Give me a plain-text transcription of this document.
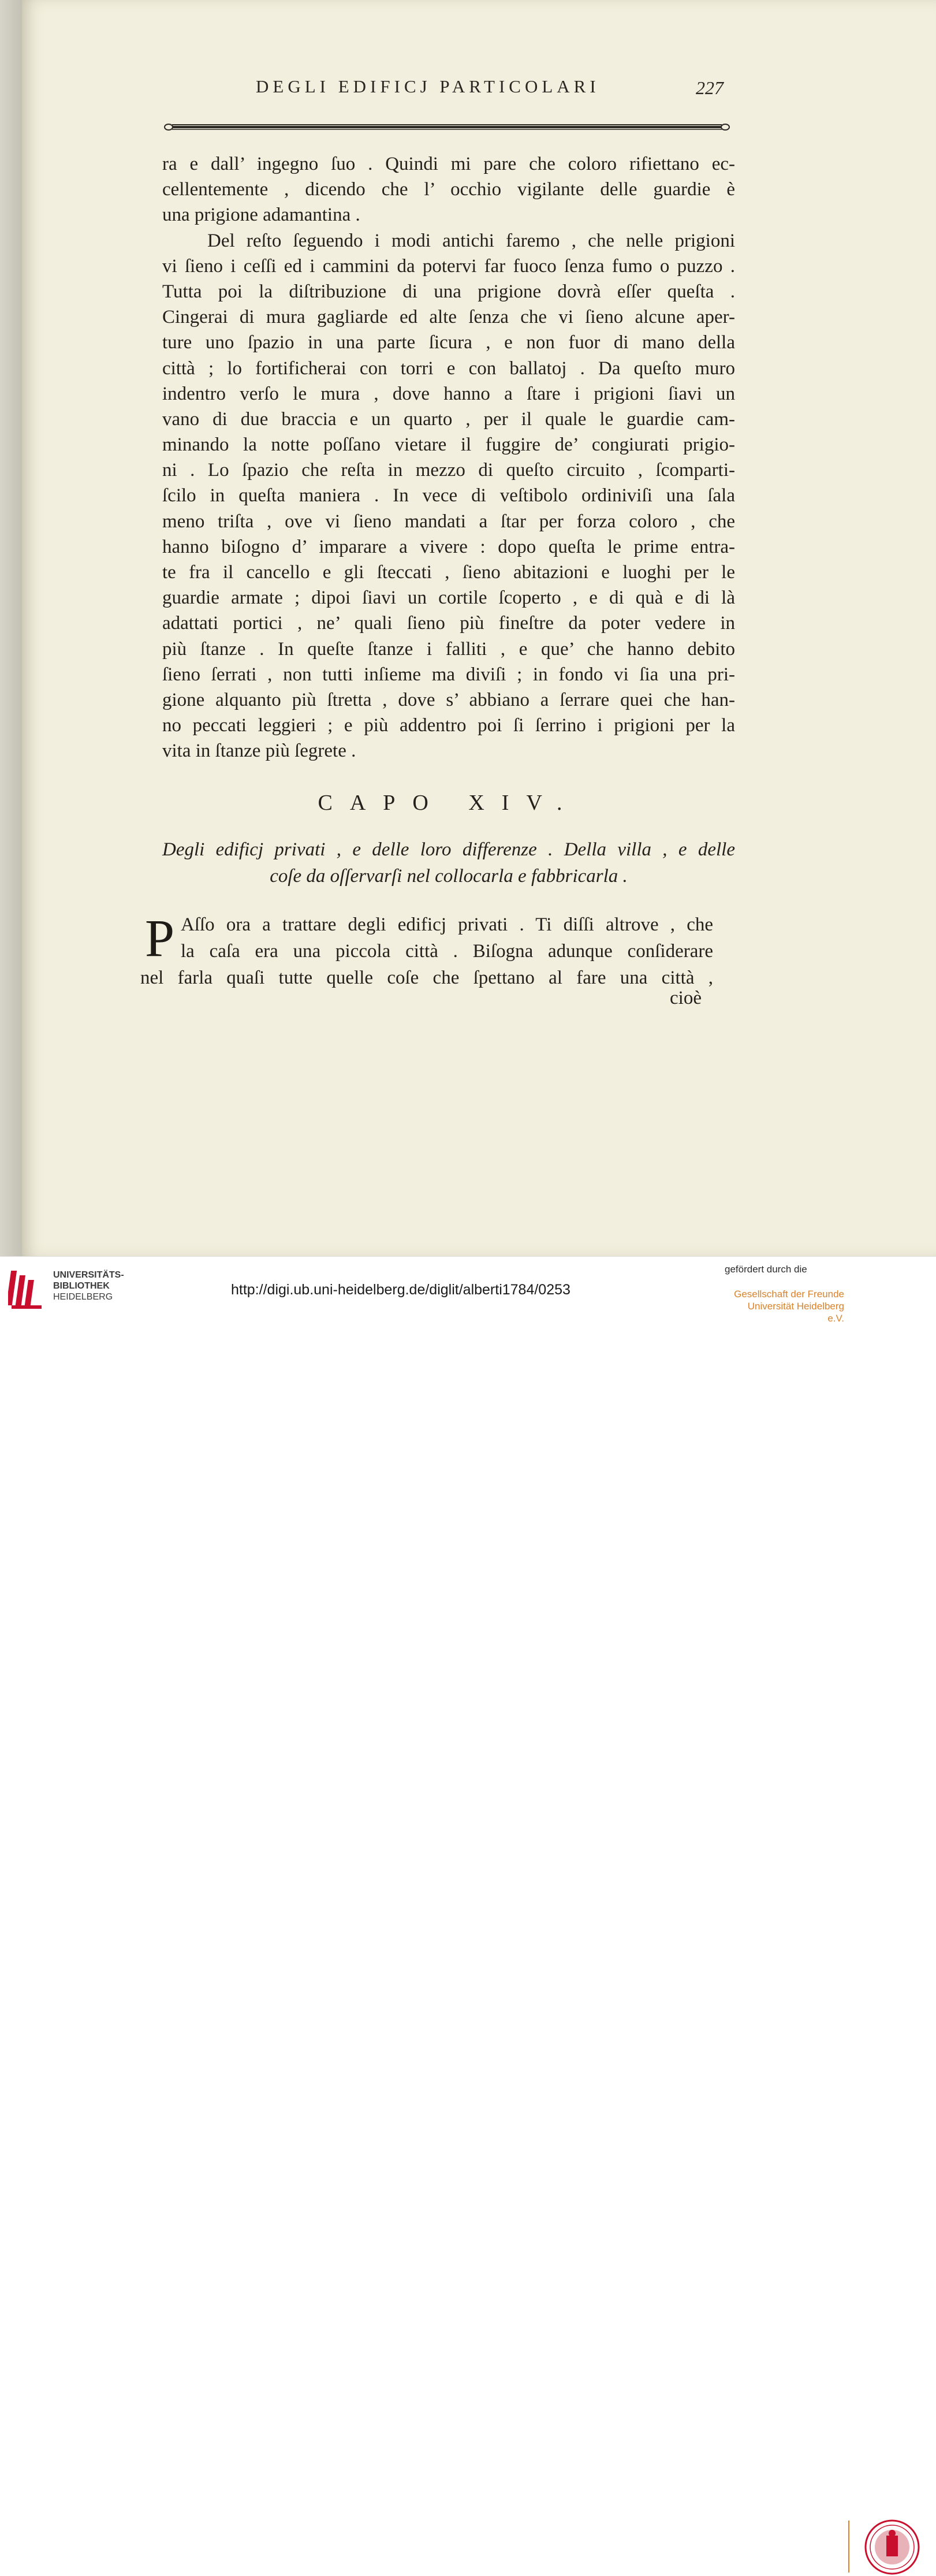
DEGLI EDIFICJ PARTICOLARI	227
ra e dall’ ingegno ſuo . Quindi mi pare che coloro rifiettano ec-
cellentemente , dicendo che l’ occhio vigilante delle guardie è
una prigione adamantina .
Del reſto ſeguendo i modi antichi faremo , che nelle prigioni
vi ſieno i ceſſi ed i cammini da potervi far fuoco ſenza fumo o puzzo .
Tutta poi la diſtribuzione di una prigione dovrà eſſer queſta .
Cingerai di mura gagliarde ed alte ſenza che vi ſieno alcune aper-
ture uno ſpazio in una parte ſicura , e non fuor di mano della
città ; lo fortificherai con torri e con ballatoj . Da queſto muro
indentro verſo le mura , dove hanno a ſtare i prigioni ſiavi un
vano di due braccia e un quarto , per il quale le guardie cam-
minando la notte poſſano vietare il fuggire de’ congiurati prigio-
ni . Lo ſpazio che reſta in mezzo di queſto circuito , ſcomparti-
ſcilo in queſta maniera . In vece di veſtibolo ordiniviſi una ſala
meno triſta , ove vi ſieno mandati a ſtar per forza coloro , che
hanno biſogno d’ imparare a vivere : dopo queſta le prime entra-
te fra il cancello e gli ſteccati , ſieno abitazioni e luoghi per le
guardie armate ; dipoi ſiavi un cortile ſcoperto , e di quà e di là
adattati portici , ne’ quali ſieno più fineſtre da poter vedere in
più ſtanze . In queſte ſtanze i falliti , e que’ che hanno debito
ſieno ſerrati , non tutti inſieme ma diviſi ; in fondo vi ſia una pri-
gione alquanto più ſtretta , dove s’ abbiano a ſerrare quei che han-
no peccati leggieri ; e più addentro poi ſi ſerrino i prigioni per la
vita in ſtanze più ſegrete .
CAPO XIV.
Degli edificj privati , e delle loro differenze . Della villa , e delle
coſe da oſſervarſi nel collocarla e fabbricarla .
P Aſſo ora a trattare degli edificj privati . Ti diſſi altrove , che
la caſa era una piccola città . Biſogna adunque conſiderare
nel farla quaſi tutte quelle coſe che ſpettano al fare una città ,
cioè
UNIVERSITÄTS-
BIBLIOTHEK
HEIDELBERG	http://digi.ub.uni-heidelberg.de/diglit/alberti1784/0253
gefördert durch die
Gesellschaft der Freunde
Universität Heidelberg e.V.
